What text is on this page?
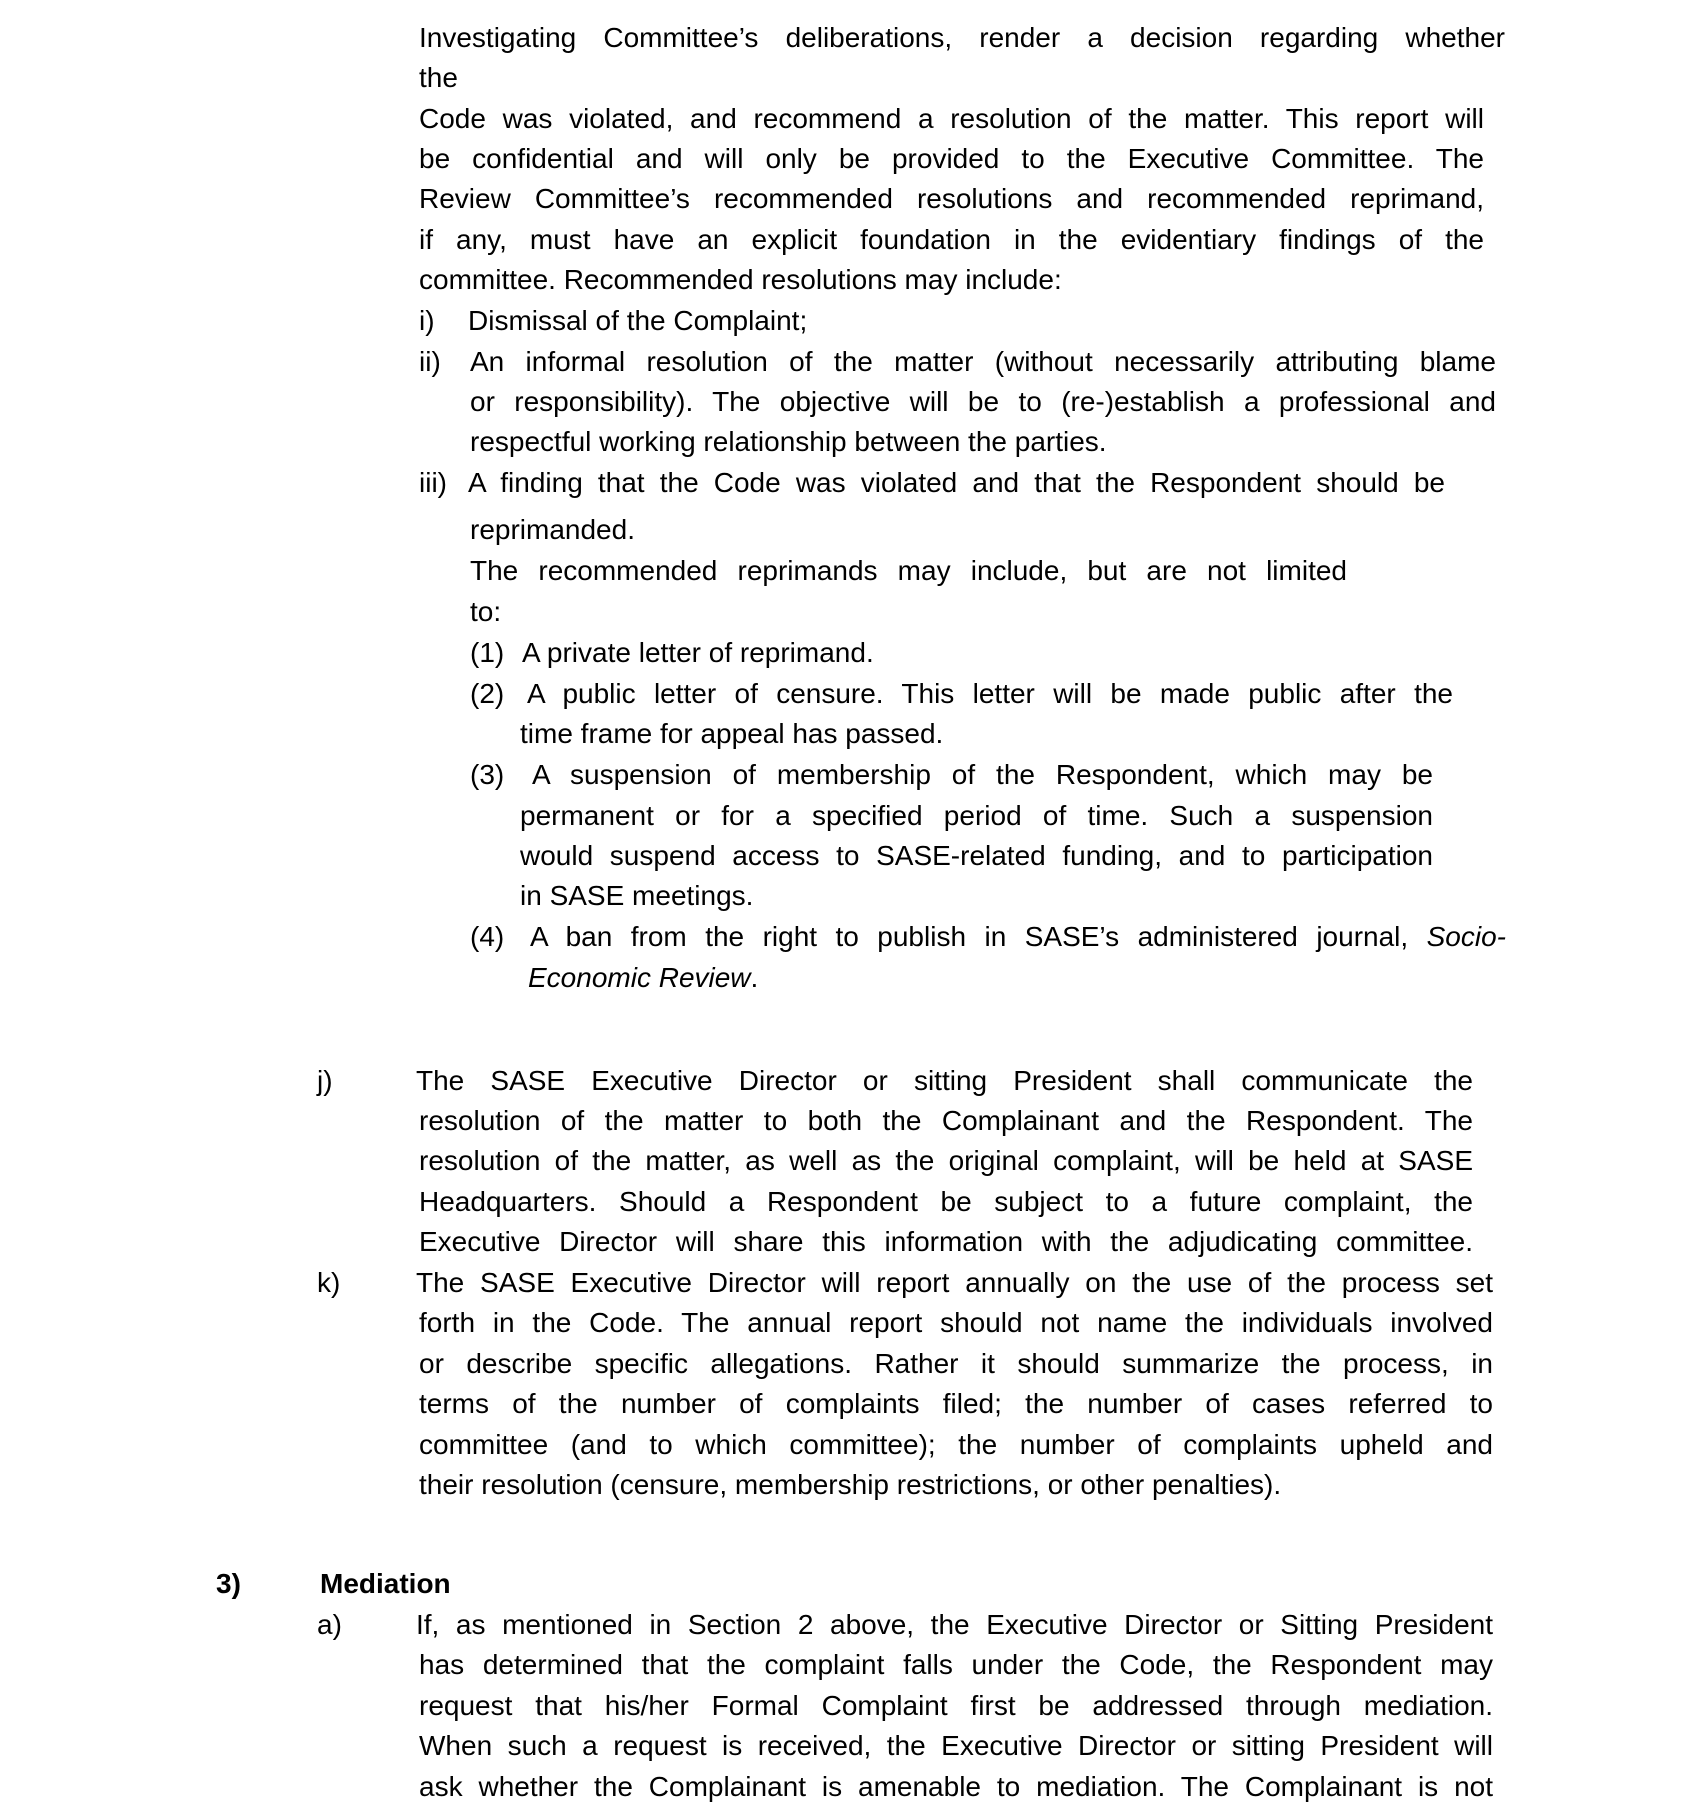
Investigating Committee’s deliberations, render a decision regarding whether

the

Code was violated, and recommend a resolution of the matter. This report will

be confidential and will only be provided to the Executive Committee. The

Review Committee’s recommended resolutions and recommended reprimand,

if any, must have an explicit foundation in the evidentiary findings of the

committee. Recommended resolutions may include:

i) Dismissal of the Complaint;

ii) An informal resolution of the matter (without necessarily attributing blame

or responsibility). The objective will be to (re-)establish a professional and

respectful working relationship between the parties.

iii) A finding that the Code was violated and that the Respondent should be

reprimanded.

The recommended reprimands may include, but are not limited

to:

(1) A private letter of reprimand.

(2) A public letter of censure. This letter will be made public after the

time frame for appeal has passed.

(3) A suspension of membership of the Respondent, which may be

permanent or for a specified period of time. Such a suspension

would suspend access to SASE-related funding, and to participation

in SASE meetings.

(4) A ban from the right to publish in SASE’s administered journal, Socio-

Economic Review.

j)	The SASE Executive Director or sitting President shall communicate the

resolution of the matter to both the Complainant and the Respondent. The

resolution of the matter, as well as the original complaint, will be held at SASE

Headquarters. Should a Respondent be subject to a future complaint, the

Executive Director will share this information with the adjudicating committee.

k)	The SASE Executive Director will report annually on the use of the process set

forth in the Code. The annual report should not name the individuals involved

or describe specific allegations. Rather it should summarize the process, in

terms of the number of complaints filed; the number of cases referred to

committee (and to which committee); the number of complaints upheld and

their resolution (censure, membership restrictions, or other penalties).

3)	Mediation
a)	If, as mentioned in Section 2 above, the Executive Director or Sitting President

has determined that the complaint falls under the Code, the Respondent may

request that his/her Formal Complaint first be addressed through mediation.

When such a request is received, the Executive Director or sitting President will

ask whether the Complainant is amenable to mediation. The Complainant is not
